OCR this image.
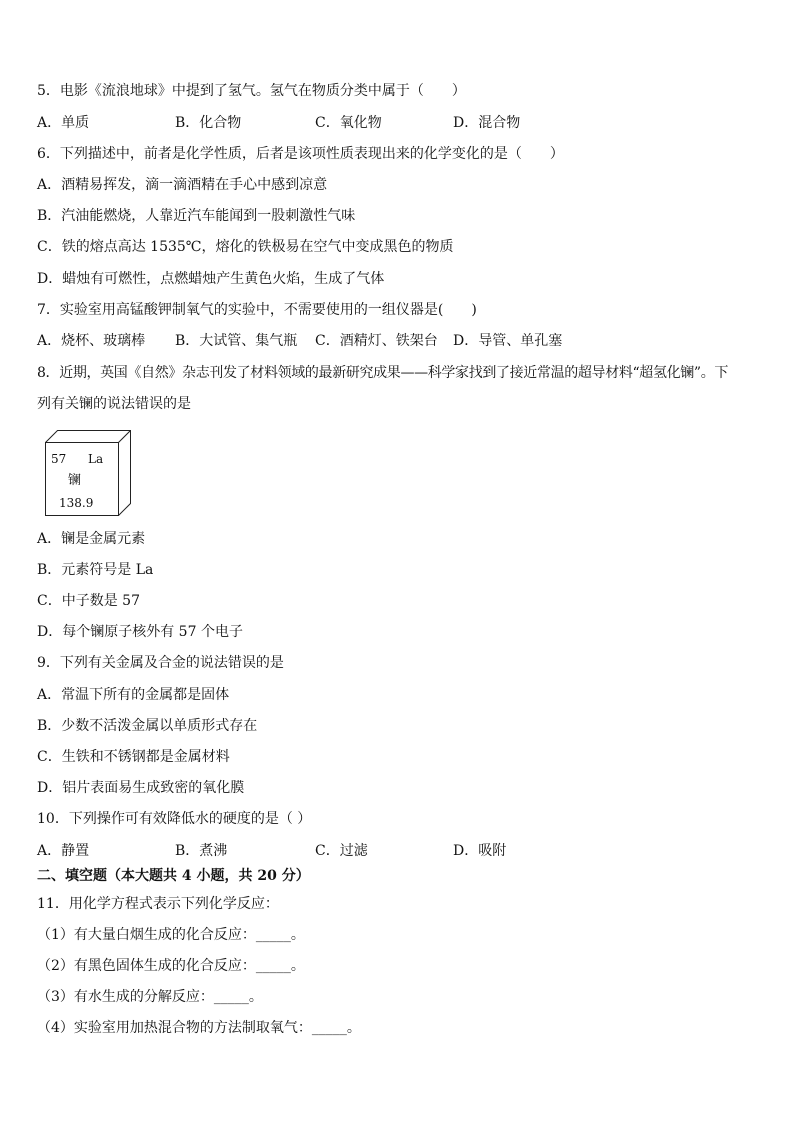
5．电影《流浪地球》中提到了氢气。氢气在物质分类中属于（　　）
A．单质	B．化合物	C．氧化物	D．混合物
6．下列描述中，前者是化学性质，后者是该项性质表现出来的化学变化的是（　　）
A．酒精易挥发，滴一滴酒精在手心中感到凉意
B．汽油能燃烧，人靠近汽车能闻到一股刺激性气味
C．铁的熔点高达 1535℃，熔化的铁极易在空气中变成黑色的物质
D．蜡烛有可燃性，点燃蜡烛产生黄色火焰，生成了气体
7．实验室用高锰酸钾制氧气的实验中，不需要使用的一组仪器是(　　)
A．烧杯、玻璃棒 B．大试管、集气瓶 C．酒精灯、铁架台 D．导管、单孔塞
8．近期，英国《自然》杂志刊发了材料领域的最新研究成果——科学家找到了接近常温的超导材料“超氢化镧”。下
列有关镧的说法错误的是
57 La
镧
138.9
A．镧是金属元素
B．元素符号是 La
C．中子数是 57
D．每个镧原子核外有 57 个电子
9．下列有关金属及合金的说法错误的是
A．常温下所有的金属都是固体
B．少数不活泼金属以单质形式存在
C．生铁和不锈钢都是金属材料
D．铝片表面易生成致密的氧化膜
10．下列操作可有效降低水的硬度的是（ ）
A．静置	B．煮沸	C．过滤	D．吸附
二、填空题（本大题共 4 小题，共 20 分）
11．用化学方程式表示下列化学反应：
（1）有大量白烟生成的化合反应：_____。
（2）有黑色固体生成的化合反应：_____。
（3）有水生成的分解反应：_____。
（4）实验室用加热混合物的方法制取氧气：_____。
